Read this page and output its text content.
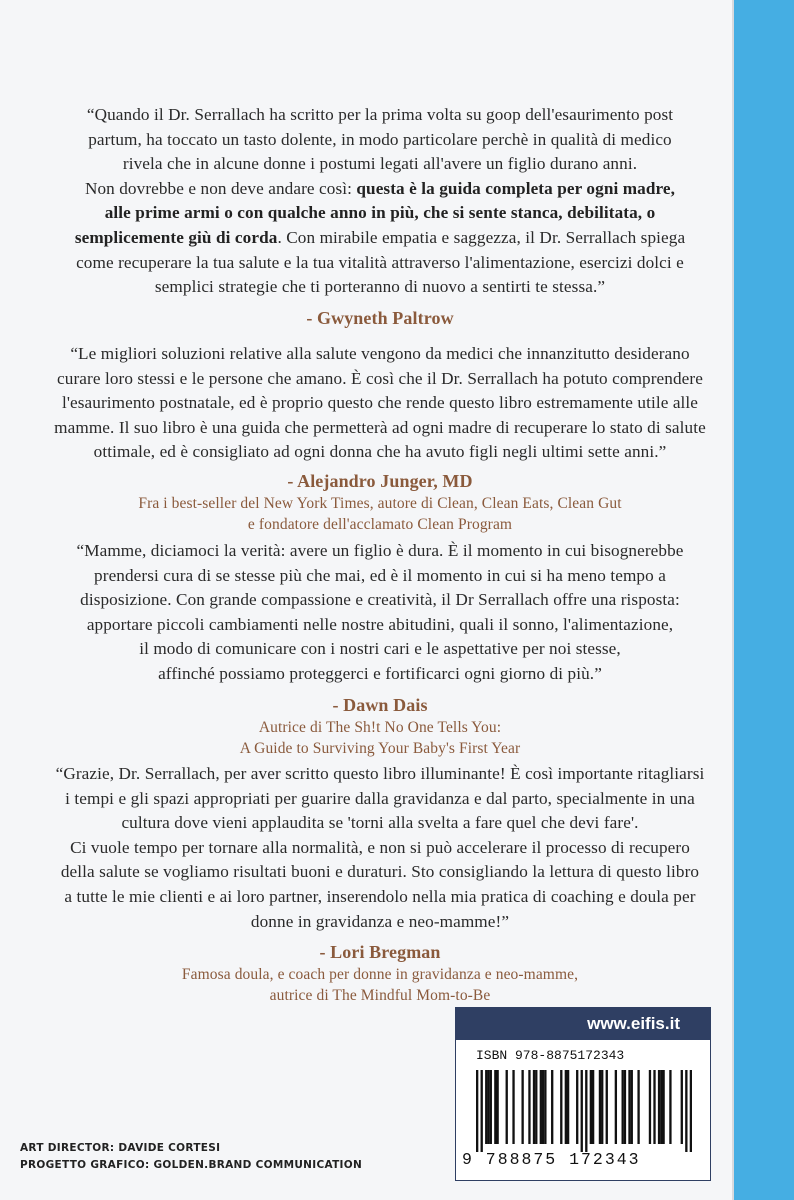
“Quando il Dr. Serrallach ha scritto per la prima volta su goop dell'esaurimento post
partum, ha toccato un tasto dolente, in modo particolare perchè in qualità di medico
rivela che in alcune donne i postumi legati all'avere un figlio durano anni.
Non dovrebbe e non deve andare così: questa è la guida completa per ogni madre,
alle prime armi o con qualche anno in più, che si sente stanca, debilitata, o
semplicemente giù di corda. Con mirabile empatia e saggezza, il Dr. Serrallach spiega
come recuperare la tua salute e la tua vitalità attraverso l'alimentazione, esercizi dolci e
semplici strategie che ti porteranno di nuovo a sentirti te stessa.”

- Gwyneth Paltrow

“Le migliori soluzioni relative alla salute vengono da medici che innanzitutto desiderano
curare loro stessi e le persone che amano. È così che il Dr. Serrallach ha potuto comprendere
l'esaurimento postnatale, ed è proprio questo che rende questo libro estremamente utile alle
mamme. Il suo libro è una guida che permetterà ad ogni madre di recuperare lo stato di salute
ottimale, ed è consigliato ad ogni donna che ha avuto figli negli ultimi sette anni.”

- Alejandro Junger, MD
Fra i best-seller del New York Times, autore di Clean, Clean Eats, Clean Gut
e fondatore dell'acclamato Clean Program

“Mamme, diciamoci la verità: avere un figlio è dura. È il momento in cui bisognerebbe
prendersi cura di se stesse più che mai, ed è il momento in cui si ha meno tempo a
disposizione. Con grande compassione e creatività, il Dr Serrallach offre una risposta:
apportare piccoli cambiamenti nelle nostre abitudini, quali il sonno, l'alimentazione,
il modo di comunicare con i nostri cari e le aspettative per noi stesse,
affinché possiamo proteggerci e fortificarci ogni giorno di più.”

- Dawn Dais
Autrice di The Sh!t No One Tells You:
A Guide to Surviving Your Baby's First Year

“Grazie, Dr. Serrallach, per aver scritto questo libro illuminante! È così importante ritagliarsi
i tempi e gli spazi appropriati per guarire dalla gravidanza e dal parto, specialmente in una
cultura dove vieni applaudita se 'torni alla svelta a fare quel che devi fare'.
Ci vuole tempo per tornare alla normalità, e non si può accelerare il processo di recupero
della salute se vogliamo risultati buoni e duraturi. Sto consigliando la lettura di questo libro
a tutte le mie clienti e ai loro partner, inserendolo nella mia pratica di coaching e doula per
donne in gravidanza e neo-mamme!”

- Lori Bregman
Famosa doula, e coach per donne in gravidanza e neo-mamme,
autrice di The Mindful Mom-to-Be
ART DIRECTOR: DAVIDE CORTESI
PROGETTO GRAFICO: GOLDEN.BRAND COMMUNICATION
www.eifis.it
ISBN 978-8875172343
9 788875 172343
